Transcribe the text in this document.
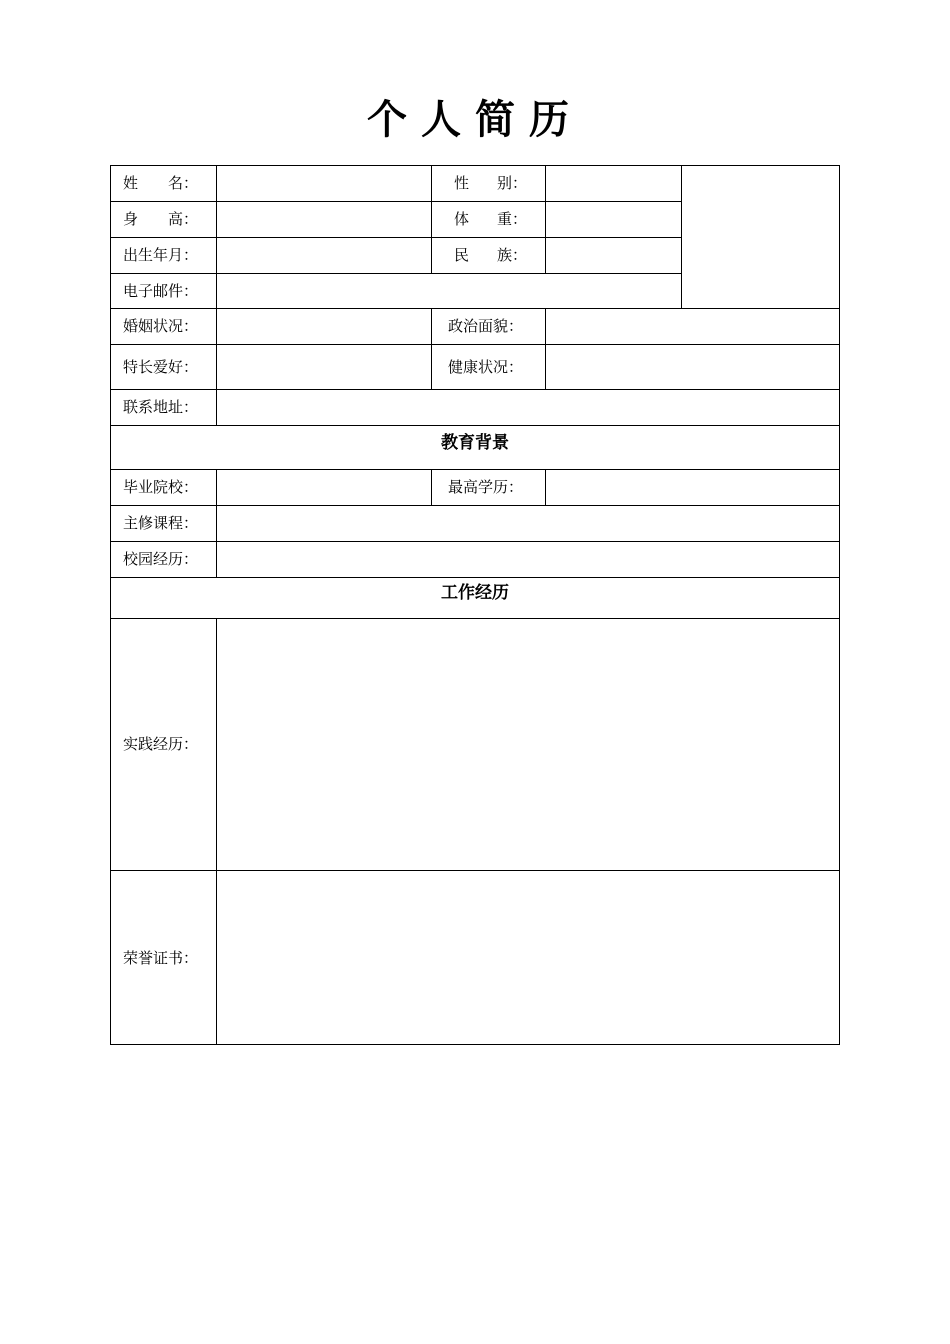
个人简历
姓 名：	性 别：
身 高：	体 重：
出生年月：	民 族：
电子邮件：
婚姻状况：	政治面貌：
特长爱好：	健康状况：
联系地址：
教育背景
毕业院校：	最高学历：
主修课程：
校园经历：
工作经历
实践经历：
荣誉证书：
